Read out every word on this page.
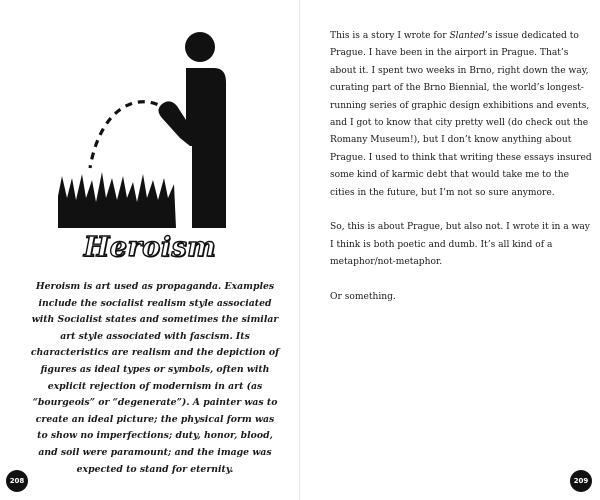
Heroism
Heroism is art used as propaganda. Examples include the socialist realism style associated with Socialist states and sometimes the similar art style associated with fascism. Its characteristics are realism and the depiction of figures as ideal types or symbols, often with explicit rejection of modernism in art (as “bourgeois” or “degenerate”). A painter was to create an ideal picture; the physical form was to show no imperfections; duty, honor, blood, and soil were paramount; and the image was expected to stand for eternity.
208

This is a story I wrote for Slanted’s issue dedicated to Prague. I have been in the airport in Prague. That’s about it. I spent two weeks in Brno, right down the way, curating part of the Brno Biennial, the world’s longest-running series of graphic design exhibitions and events, and I got to know that city pretty well (do check out the Romany Museum!), but I don’t know anything about Prague. I used to think that writing these essays insured some kind of karmic debt that would take me to the cities in the future, but I’m not so sure anymore.

So, this is about Prague, but also not. I wrote it in a way I think is both poetic and dumb. It’s all kind of a metaphor/not-metaphor.

Or something.

209
